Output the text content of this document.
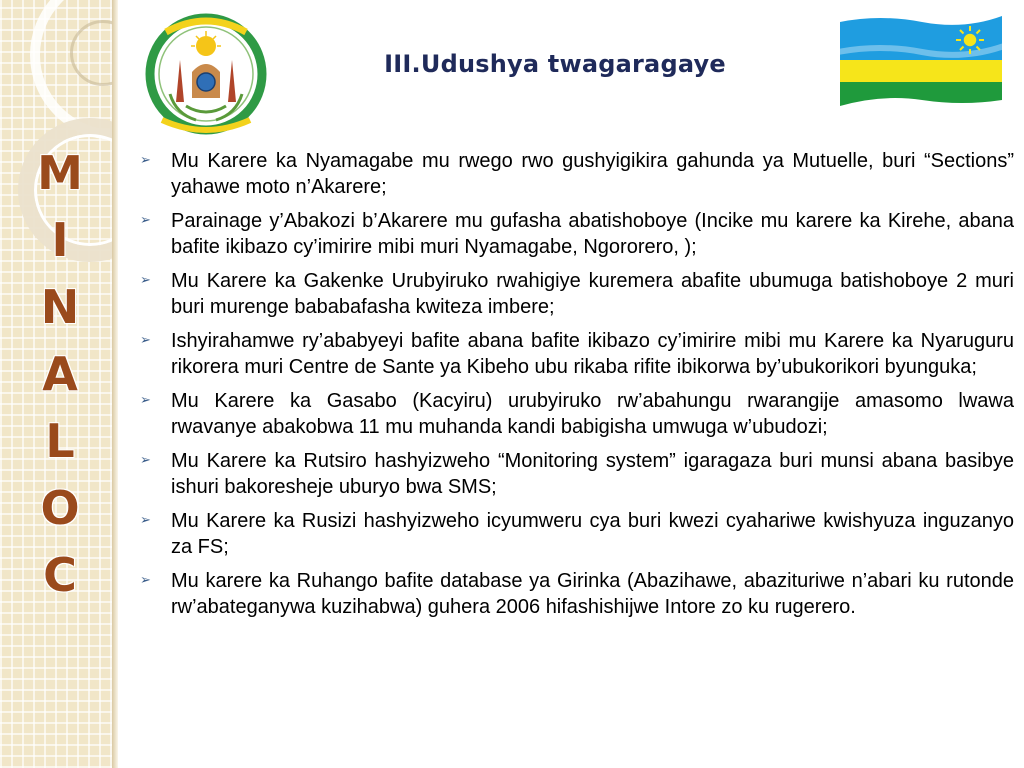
M
I
N
A
L
O
C
III.Udushya twagaragaye
➢ Mu Karere ka Nyamagabe mu rwego rwo gushyigikira gahunda ya Mutuelle, buri “Sections” yahawe moto n’Akarere;
➢ Parainage y’Abakozi b’Akarere mu gufasha abatishoboye (Incike mu karere ka Kirehe, abana bafite ikibazo cy’imirire mibi muri Nyamagabe, Ngororero, );
➢ Mu Karere ka Gakenke Urubyiruko rwahigiye kuremera abafite ubumuga batishoboye 2 muri buri murenge bababafasha kwiteza imbere;
➢ Ishyirahamwe ry’ababyeyi bafite abana bafite ikibazo cy’imirire mibi mu Karere ka Nyaruguru rikorera muri Centre de Sante ya Kibeho ubu rikaba rifite ibikorwa by’ubukorikori byunguka;
➢ Mu Karere ka Gasabo (Kacyiru) urubyiruko rw’abahungu rwarangije amasomo lwawa rwavanye abakobwa 11 mu muhanda kandi babigisha umwuga w’ubudozi;
➢ Mu Karere ka Rutsiro hashyizweho “Monitoring system” igaragaza buri munsi abana basibye ishuri bakoresheje uburyo bwa SMS;
➢ Mu Karere ka Rusizi hashyizweho icyumweru cya buri kwezi cyahariwe kwishyuza inguzanyo za FS;
➢ Mu karere ka Ruhango bafite database ya Girinka (Abazihawe, abazituriwe n’abari ku rutonde rw’abateganywa kuzihabwa) guhera 2006 hifashishijwe Intore zo ku rugerero.
